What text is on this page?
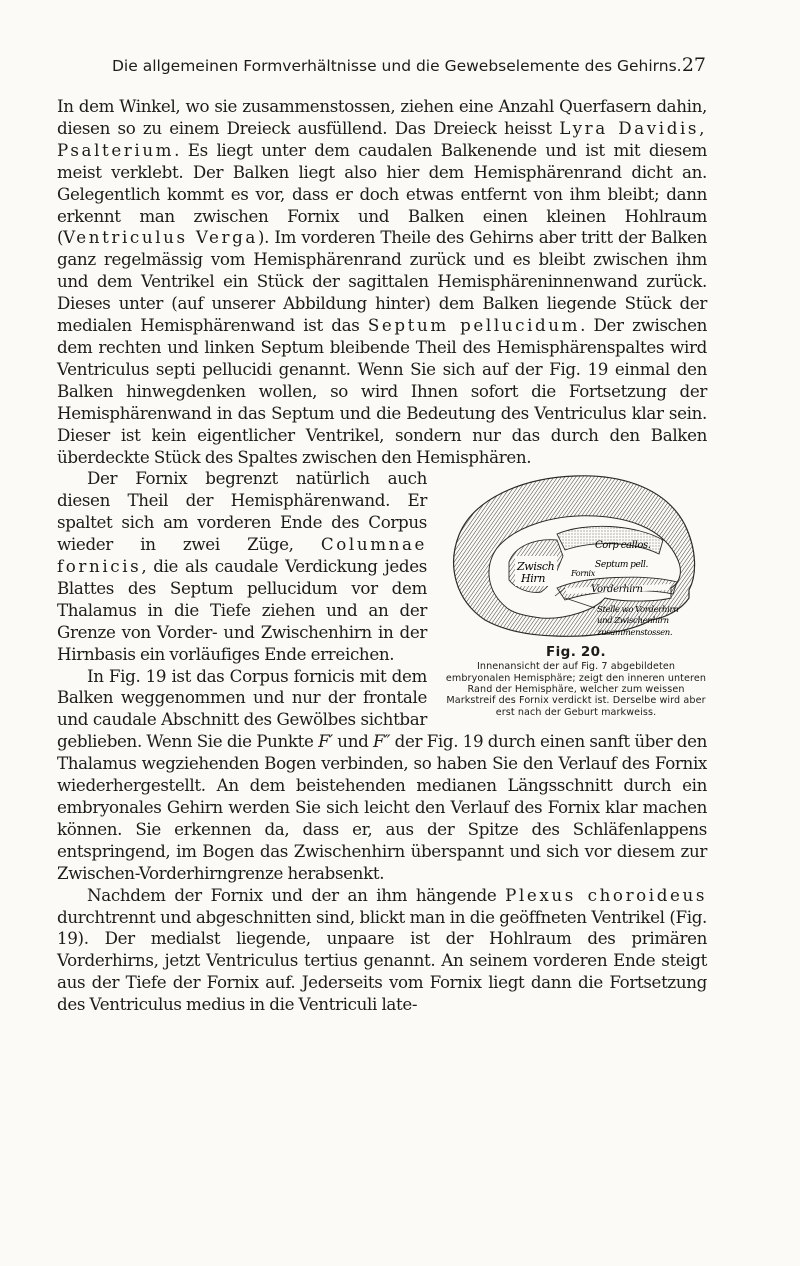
Die allgemeinen Formverhältnisse und die Gewebselemente des Gehirns. 27

In dem Winkel, wo sie zusammenstossen, ziehen eine Anzahl Querfasern dahin, diesen so zu einem Dreieck ausfüllend. Das Dreieck heisst Lyra Davidis, Psalterium. Es liegt unter dem caudalen Balkenende und ist mit diesem meist verklebt. Der Balken liegt also hier dem Hemisphärenrand dicht an. Gelegentlich kommt es vor, dass er doch etwas entfernt von ihm bleibt; dann erkennt man zwischen Fornix und Balken einen kleinen Hohlraum (Ventriculus Verga). Im vorderen Theile des Gehirns aber tritt der Balken ganz regelmässig vom Hemisphärenrand zurück und es bleibt zwischen ihm und dem Ventrikel ein Stück der sagittalen Hemisphäreninnenwand zurück. Dieses unter (auf unserer Abbildung hinter) dem Balken liegende Stück der medialen Hemisphärenwand ist das Septum pellucidum. Der zwischen dem rechten und linken Septum bleibende Theil des Hemisphärenspaltes wird Ventriculus septi pellucidi genannt. Wenn Sie sich auf der Fig. 19 einmal den Balken hinwegdenken wollen, so wird Ihnen sofort die Fortsetzung der Hemisphärenwand in das Septum und die Bedeutung des Ventriculus klar sein. Dieser ist kein eigentlicher Ventrikel, sondern nur das durch den Balken überdeckte Stück des Spaltes zwischen den Hemisphären.

Corp callos.
Septum pell.
Fornix
Zwisch
Hirn
Vorderhirn
Stelle wo Vorderhirn
und Zwischenhirn
zusammenstossen.
Fig. 20.
Innenansicht der auf Fig. 7 abgebildeten embryonalen Hemisphäre; zeigt den inneren unteren Rand der Hemisphäre, welcher zum weissen Markstreif des Fornix verdickt ist. Derselbe wird aber erst nach der Geburt markweiss.

Der Fornix begrenzt natürlich auch diesen Theil der Hemisphärenwand. Er spaltet sich am vorderen Ende des Corpus wieder in zwei Züge, Columnae fornicis, die als caudale Verdickung jedes Blattes des Septum pellucidum vor dem Thalamus in die Tiefe ziehen und an der Grenze von Vorder- und Zwischenhirn in der Hirnbasis ein vorläufiges Ende erreichen.

In Fig. 19 ist das Corpus fornicis mit dem Balken weggenommen und nur der frontale und caudale Abschnitt des Gewölbes sichtbar geblieben. Wenn Sie die Punkte F′ und F″ der Fig. 19 durch einen sanft über den Thalamus wegziehenden Bogen verbinden, so haben Sie den Verlauf des Fornix wiederhergestellt. An dem beistehenden medianen Längsschnitt durch ein embryonales Gehirn werden Sie sich leicht den Verlauf des Fornix klar machen können. Sie erkennen da, dass er, aus der Spitze des Schläfenlappens entspringend, im Bogen das Zwischenhirn überspannt und sich vor diesem zur Zwischen-Vorderhirngrenze herabsenkt.

Nachdem der Fornix und der an ihm hängende Plexus choroideus durchtrennt und abgeschnitten sind, blickt man in die geöffneten Ventrikel (Fig. 19). Der medialst liegende, unpaare ist der Hohlraum des primären Vorderhirns, jetzt Ventriculus tertius genannt. An seinem vorderen Ende steigt aus der Tiefe der Fornix auf. Jederseits vom Fornix liegt dann die Fortsetzung des Ventriculus medius in die Ventriculi late-
